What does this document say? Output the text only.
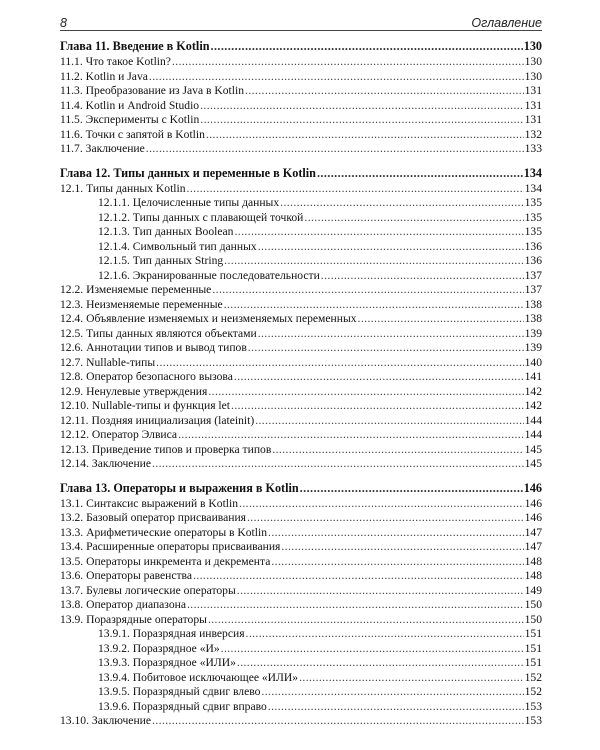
8	Оглавление
Глава 11. Введение в Kotlin .....	130
11.1. Что такое Kotlin? .....	130
11.2. Kotlin и Java .....	130
11.3. Преобразование из Java в Kotlin .....	131
11.4. Kotlin и Android Studio .....	131
11.5. Эксперименты с Kotlin .....	131
11.6. Точки с запятой в Kotlin .....	132
11.7. Заключение .....	133
Глава 12. Типы данных и переменные в Kotlin .....	134
12.1. Типы данных Kotlin .....	134
12.1.1. Целочисленные типы данных .....	135
12.1.2. Типы данных с плавающей точкой .....	135
12.1.3. Тип данных Boolean .....	135
12.1.4. Символьный тип данных .....	136
12.1.5. Тип данных String .....	136
12.1.6. Экранированные последовательности .....	137
12.2. Изменяемые переменные .....	137
12.3. Неизменяемые переменные .....	138
12.4. Объявление изменяемых и неизменяемых переменных .....	138
12.5. Типы данных являются объектами .....	139
12.6. Аннотации типов и вывод типов .....	139
12.7. Nullable-типы .....	140
12.8. Оператор безопасного вызова .....	141
12.9. Ненулевые утверждения .....	142
12.10. Nullable-типы и функция let .....	142
12.11. Поздняя инициализация (lateinit) .....	144
12.12. Оператор Элвиса .....	144
12.13. Приведение типов и проверка типов .....	145
12.14. Заключение .....	145
Глава 13. Операторы и выражения в Kotlin .....	146
13.1. Синтаксис выражений в Kotlin .....	146
13.2. Базовый оператор присваивания .....	146
13.3. Арифметические операторы в Kotlin .....	147
13.4. Расширенные операторы присваивания .....	147
13.5. Операторы инкремента и декремента .....	148
13.6. Операторы равенства .....	148
13.7. Булевы логические операторы .....	149
13.8. Оператор диапазона .....	150
13.9. Поразрядные операторы .....	150
13.9.1. Поразрядная инверсия .....	151
13.9.2. Поразрядное «И» .....	151
13.9.3. Поразрядное «ИЛИ» .....	151
13.9.4. Побитовое исключающее «ИЛИ» .....	152
13.9.5. Поразрядный сдвиг влево .....	152
13.9.6. Поразрядный сдвиг вправо .....	153
13.10. Заключение .....	153
